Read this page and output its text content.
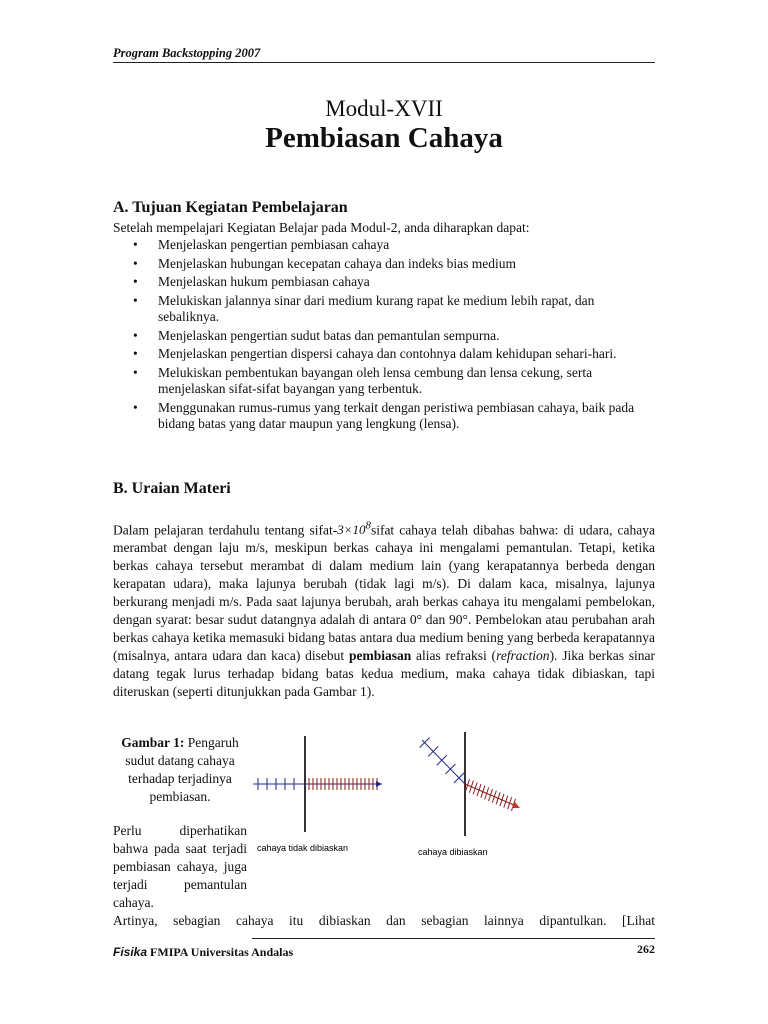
Program Backstopping 2007
Modul-XVII
Pembiasan Cahaya
A. Tujuan Kegiatan Pembelajaran
Setelah mempelajari Kegiatan Belajar pada Modul-2, anda diharapkan dapat:
• Menjelaskan pengertian pembiasan cahaya
• Menjelaskan hubungan kecepatan cahaya dan indeks bias medium
• Menjelaskan hukum pembiasan cahaya
• Melukiskan jalannya sinar dari medium kurang rapat ke medium lebih rapat, dan sebaliknya.
• Menjelaskan pengertian sudut batas dan pemantulan sempurna.
• Menjelaskan pengertian dispersi cahaya dan contohnya dalam kehidupan sehari-hari.
• Melukiskan pembentukan bayangan oleh lensa cembung dan lensa cekung, serta menjelaskan sifat-sifat bayangan yang terbentuk.
• Menggunakan rumus-rumus yang terkait dengan peristiwa pembiasan cahaya, baik pada bidang batas yang datar maupun yang lengkung (lensa).
B. Uraian Materi
Dalam pelajaran terdahulu tentang sifat-$3\times 10^8sifat$ cahaya telah dibahas bahwa: di udara, cahaya merambat dengan laju m/s, meskipun berkas cahaya ini mengalami pemantulan. Tetapi, ketika berkas cahaya tersebut merambat di dalam medium lain (yang kerapatannya berbeda dengan kerapatan udara), maka lajunya berubah (tidak lagi m/s). Di dalam kaca, misalnya, lajunya berkurang menjadi m/s. Pada saat lajunya berubah, arah berkas cahaya itu mengalami pembelokan, dengan syarat: besar sudut datangnya adalah di antara 0° dan 90°. Pembelokan atau perubahan arah berkas cahaya ketika memasuki bidang batas antara dua medium bening yang berbeda kerapatannya (misalnya, antara udara dan kaca) disebut pembiasan alias refraksi (refraction). Jika berkas sinar datang tegak lurus terhadap bidang batas kedua medium, maka cahaya tidak dibiaskan, tapi diteruskan (seperti ditunjukkan pada Gambar 1).
Gambar 1: Pengaruh sudut datang cahaya terhadap terjadinya pembiasan.
Perlu diperhatikan bahwa pada saat terjadi pembiasan cahaya, juga terjadi pemantulan cahaya.
cahaya tidak dibiaskan	cahaya dibiaskan
Artinya, sebagian cahaya itu dibiaskan dan sebagian lainnya dipantulkan. [Lihat
Fisika FMIPA Universitas Andalas	262
